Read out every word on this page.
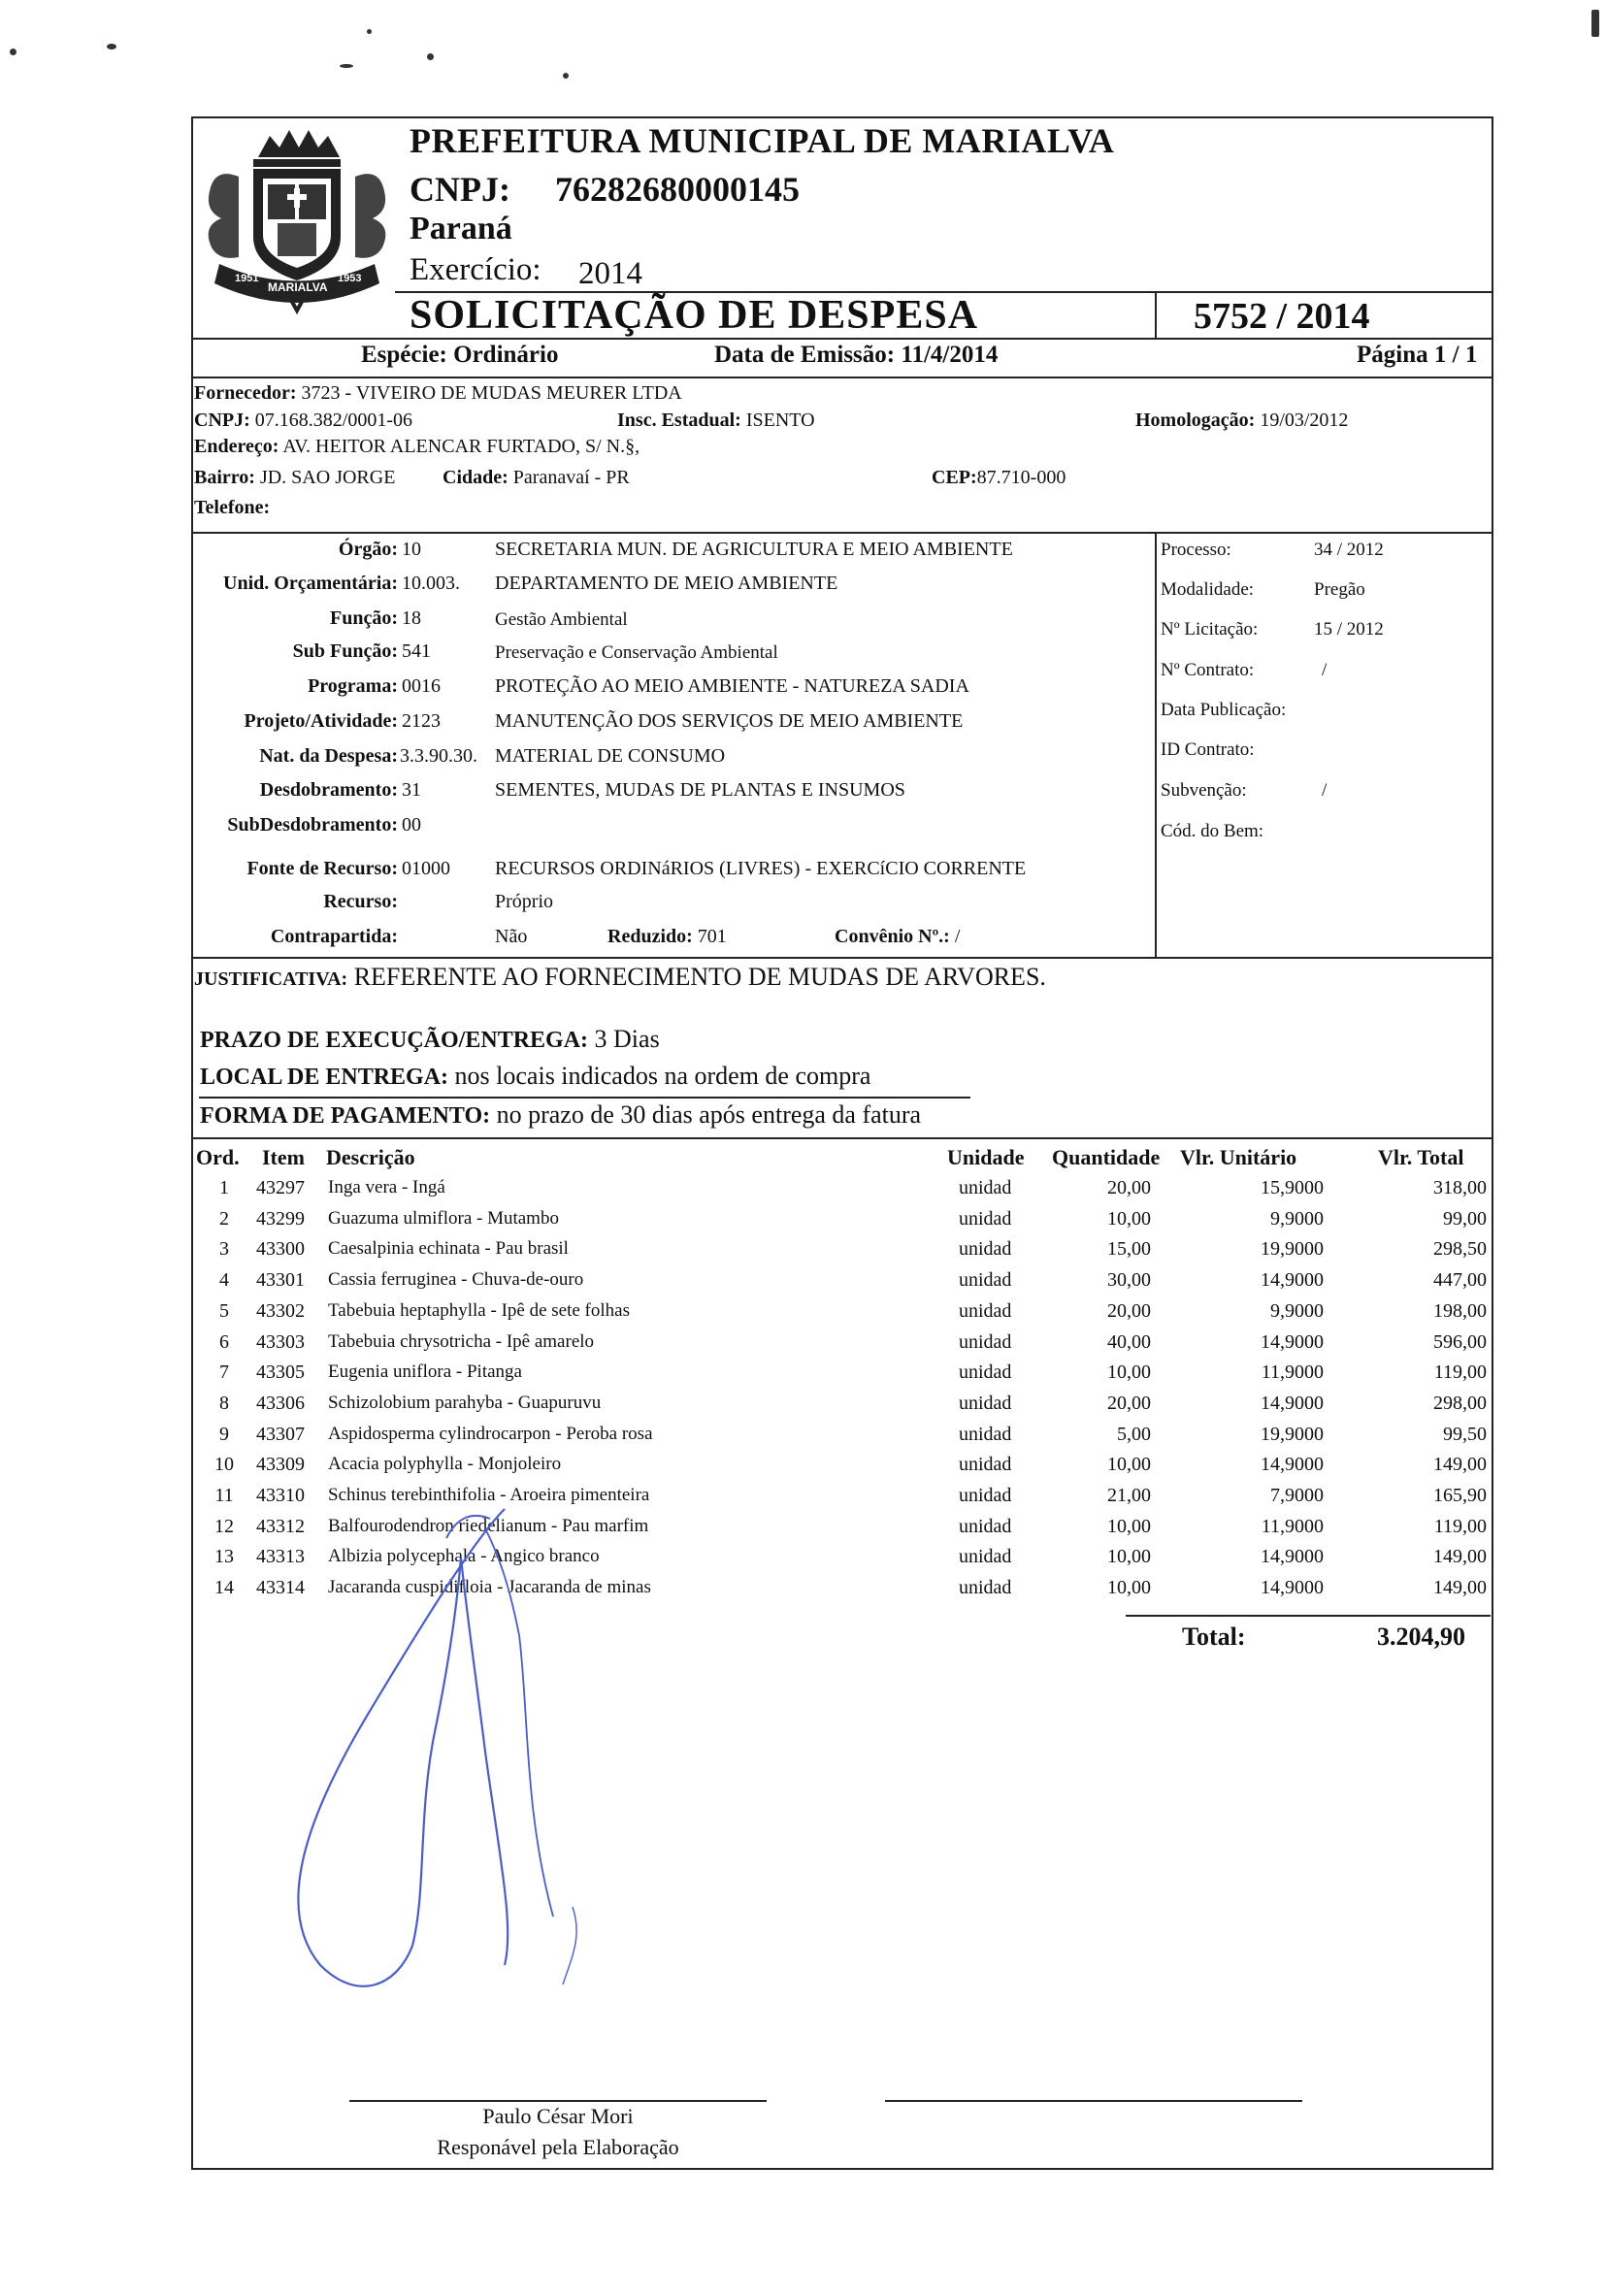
1951
MARIALVA
1953
PREFEITURA MUNICIPAL DE MARIALVA
CNPJ: 76282680000145
Paraná
Exercício: 2014
SOLICITAÇÃO DE DESPESA	5752 / 2014
Espécie: Ordinário	Data de Emissão: 11/4/2014	Página 1 / 1
Fornecedor: 3723 - VIVEIRO DE MUDAS MEURER LTDA
CNPJ: 07.168.382/0001-06	Insc. Estadual: ISENTO	Homologação: 19/03/2012
Endereço: AV. HEITOR ALENCAR FURTADO, S/ N.§,
Bairro: JD. SAO JORGE Cidade: Paranavaí - PR	CEP:87.710-000
Telefone:
Órgão: 10	SECRETARIA MUN. DE AGRICULTURA E MEIO AMBIENTE
Unid. Orçamentária: 10.003. DEPARTAMENTO DE MEIO AMBIENTE
Função: 18	Gestão Ambiental
Sub Função: 541	Preservação e Conservação Ambiental
Programa: 0016	PROTEÇÃO AO MEIO AMBIENTE - NATUREZA SADIA
Projeto/Atividade: 2123	MANUTENÇÃO DOS SERVIÇOS DE MEIO AMBIENTE
Nat. da Despesa: 3.3.90.30. MATERIAL DE CONSUMO
Desdobramento: 31	SEMENTES, MUDAS DE PLANTAS E INSUMOS
SubDesdobramento: 00
Fonte de Recurso: 01000 RECURSOS ORDINáRIOS (LIVRES) - EXERCíCIO CORRENTE
Recurso:	Próprio
Contrapartida:	Não	Reduzido: 701	Convênio Nº.: /
Processo:	34 / 2012
Modalidade:	Pregão
Nº Licitação:	15 / 2012
Nº Contrato:	/
Data Publicação:
ID Contrato:
Subvenção:	/
Cód. do Bem:
JUSTIFICATIVA: REFERENTE AO FORNECIMENTO DE MUDAS DE ARVORES.
PRAZO DE EXECUÇÃO/ENTREGA: 3 Dias
LOCAL DE ENTREGA: nos locais indicados na ordem de compra
FORMA DE PAGAMENTO: no prazo de 30 dias após entrega da fatura
Ord. Item Descrição	Unidade Quantidade Vlr. Unitário	Vlr. Total
1	43297 Inga vera - Ingá	unidad	20,00	15,9000	318,00
2	43299 Guazuma ulmiflora - Mutambo	unidad	10,00	9,9000	99,00
3	43300 Caesalpinia echinata - Pau brasil	unidad	15,00	19,9000	298,50
4	43301 Cassia ferruginea - Chuva-de-ouro	unidad	30,00	14,9000	447,00
5	43302 Tabebuia heptaphylla - Ipê de sete folhas	unidad	20,00	9,9000	198,00
6	43303 Tabebuia chrysotricha - Ipê amarelo	unidad	40,00	14,9000	596,00
7	43305 Eugenia uniflora - Pitanga	unidad	10,00	11,9000	119,00
8	43306 Schizolobium parahyba - Guapuruvu	unidad	20,00	14,9000	298,00
9	43307 Aspidosperma cylindrocarpon - Peroba rosa	unidad	5,00	19,9000	99,50
10	43309 Acacia polyphylla - Monjoleiro	unidad	10,00	14,9000	149,00
11	43310 Schinus terebinthifolia - Aroeira pimenteira	unidad	21,00	7,9000	165,90
12	43312 Balfourodendron riedelianum - Pau marfim	unidad	10,00	11,9000	119,00
13	43313 Albizia polycephala - Angico branco	unidad	10,00	14,9000	149,00
14	43314 Jacaranda cuspidifloia - Jacaranda de minas	unidad	10,00	14,9000	149,00
Total:	3.204,90
Paulo César Mori
Responável pela Elaboração
